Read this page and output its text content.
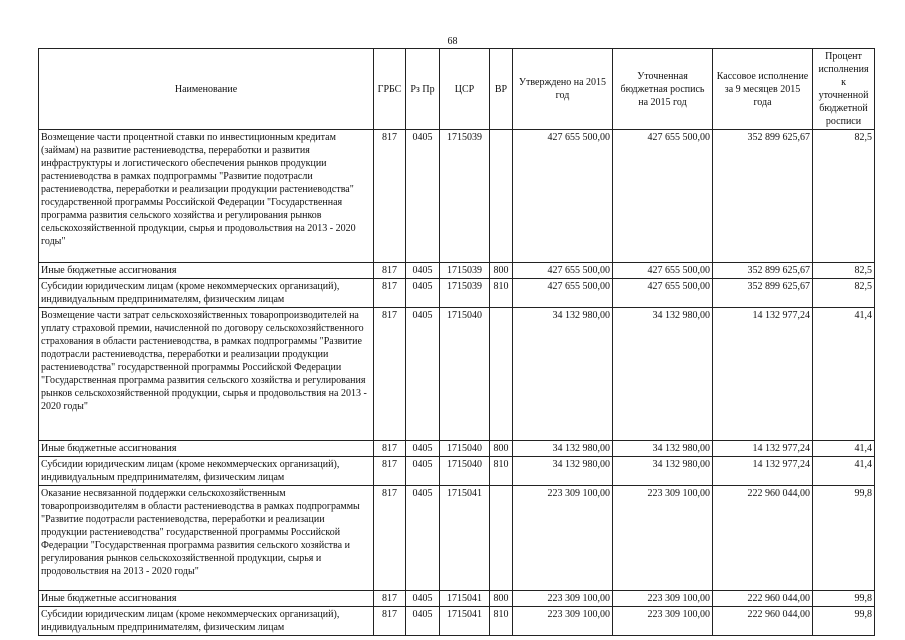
68
Наименование	ГРБС	Рз Пр	ЦСР	ВР	Утверждено на 2015 год	Уточненная бюджетная роспись на 2015 год	Кассовое исполнение за 9 месяцев 2015 года	Процент исполнения к уточненной бюджетной росписи
Возмещение части процентной ставки по инвестиционным кредитам (займам) на развитие растениеводства, переработки и развития инфраструктуры и логистического обеспечения рынков продукции растениеводства в рамках подпрограммы "Развитие подотрасли растениеводства, переработки и реализации продукции растениеводства" государственной программы Российской Федерации "Государственная программа развития сельского хозяйства и регулирования рынков сельскохозяйственной продукции, сырья и продовольствия на 2013 - 2020 годы"	817	0405	1715039		427 655 500,00	427 655 500,00	352 899 625,67	82,5
Иные бюджетные ассигнования	817	0405	1715039	800	427 655 500,00	427 655 500,00	352 899 625,67	82,5
Субсидии юридическим лицам (кроме некоммерческих организаций), индивидуальным предпринимателям, физическим лицам	817	0405	1715039	810	427 655 500,00	427 655 500,00	352 899 625,67	82,5
Возмещение части затрат сельскохозяйственных товаропроизводителей на уплату страховой премии, начисленной по договору сельскохозяйственного страхования в области растениеводства, в рамках подпрограммы "Развитие подотрасли растениеводства, переработки и реализации продукции растениеводства" государственной программы Российской Федерации "Государственная программа развития сельского хозяйства и регулирования рынков сельскохозяйственной продукции, сырья и продовольствия на 2013 - 2020 годы"	817	0405	1715040		34 132 980,00	34 132 980,00	14 132 977,24	41,4
Иные бюджетные ассигнования	817	0405	1715040	800	34 132 980,00	34 132 980,00	14 132 977,24	41,4
Субсидии юридическим лицам (кроме некоммерческих организаций), индивидуальным предпринимателям, физическим лицам	817	0405	1715040	810	34 132 980,00	34 132 980,00	14 132 977,24	41,4
Оказание несвязанной поддержки сельскохозяйственным товаропроизводителям в области растениеводства в рамках подпрограммы "Развитие подотрасли растениеводства, переработки и реализации продукции растениеводства" государственной программы Российской Федерации "Государственная программа развития сельского хозяйства и регулирования рынков сельскохозяйственной продукции, сырья и продовольствия на 2013 - 2020 годы"	817	0405	1715041		223 309 100,00	223 309 100,00	222 960 044,00	99,8
Иные бюджетные ассигнования	817	0405	1715041	800	223 309 100,00	223 309 100,00	222 960 044,00	99,8
Субсидии юридическим лицам (кроме некоммерческих организаций), индивидуальным предпринимателям, физическим лицам	817	0405	1715041	810	223 309 100,00	223 309 100,00	222 960 044,00	99,8
